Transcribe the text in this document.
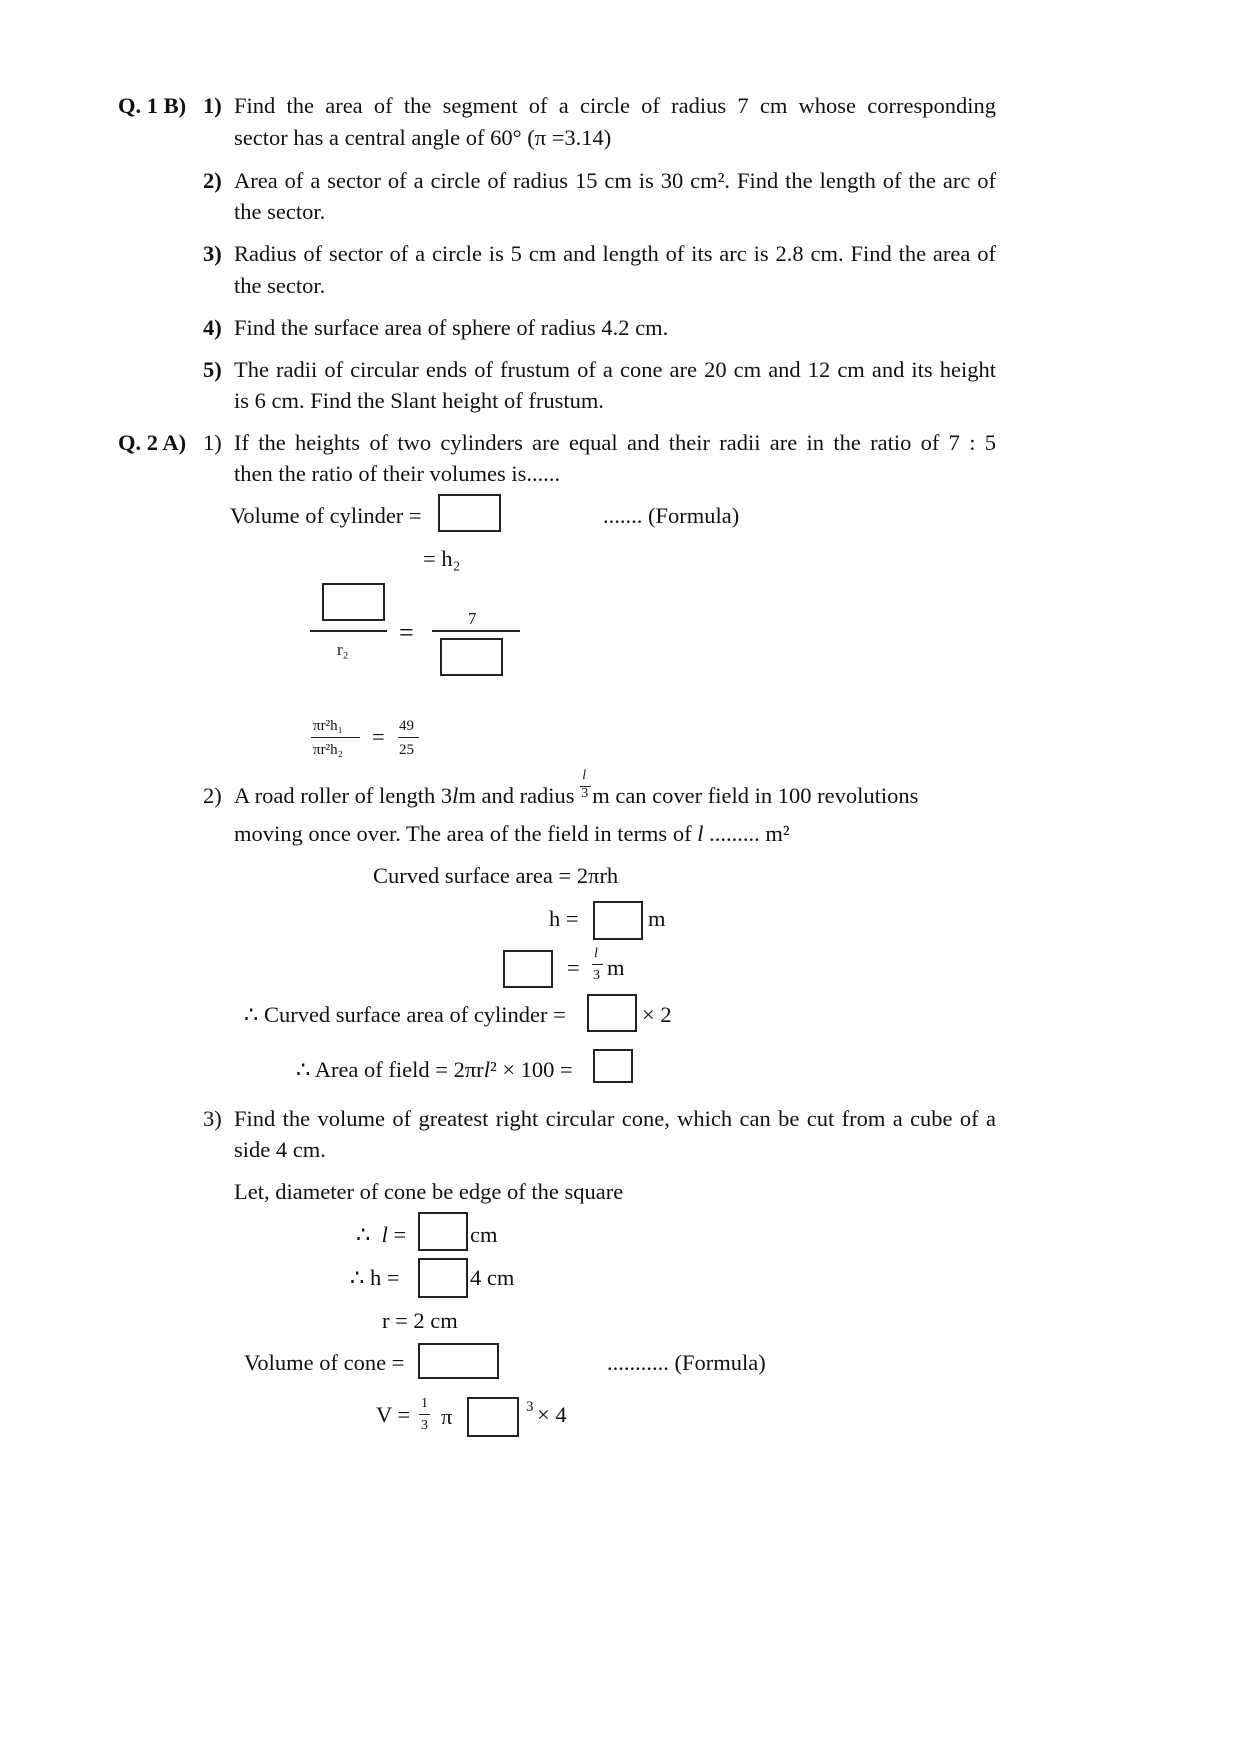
Q. 1 B) 1) Find the area of the segment of a circle of radius 7 cm whose corresponding
sector has a central angle of 60° (π =3.14)
2) Area of a sector of a circle of radius 15 cm is 30 cm². Find the length of the arc of
the sector.
3) Radius of sector of a circle is 5 cm and length of its arc is 2.8 cm. Find the area of
the sector.
4) Find the surface area of sphere of radius 4.2 cm.
5) The radii of circular ends of frustum of a cone are 20 cm and 12 cm and its height
is 6 cm. Find the Slant height of frustum.
Q. 2 A) 1) If the heights of two cylinders are equal and their radii are in the ratio of 7 : 5
then the ratio of their volumes is......
Volume of cylinder =	....... (Formula)
= h₂
r₂
=	7
πr²h₁
πr²h₂
= 49
25
2) A road roller of length 3lm and radius $\frac{l}{3}$ m can cover field in 100 revolutions
moving once over. The area of the field in terms of l ......... m²
Curved surface area = 2πrh
h =	m
=
l
3 m
∴ Curved surface area of cylinder =	× 2
∴ Area of field = 2πrl² × 100 =
3) Find the volume of greatest right circular cone, which can be cut from a cube of a
side 4 cm.
Let, diameter of cone be edge of the square
∴ l =	cm
∴ h =	4 cm
r = 2 cm
Volume of cone =	........... (Formula)
V = 1
3 π	3 × 4
